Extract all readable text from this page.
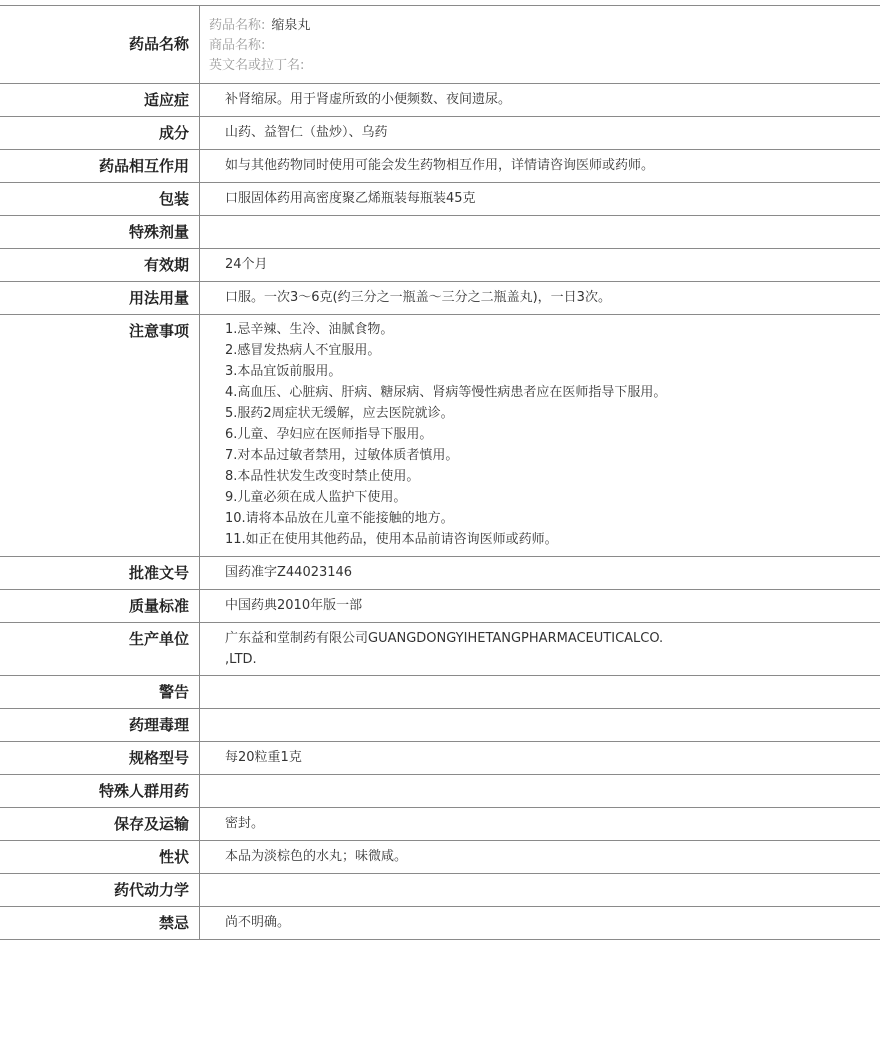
药品名称
药品名称: 缩泉丸
商品名称:
英文名或拉丁名:
适应症	补肾缩尿。用于肾虚所致的小便频数、夜间遗尿。
成分	山药、益智仁（盐炒）、乌药
药品相互作用	如与其他药物同时使用可能会发生药物相互作用，详情请咨询医师或药师。
包装	口服固体药用高密度聚乙烯瓶装每瓶装45克
特殊剂量
有效期	24个月
用法用量	口服。一次3～6克(约三分之一瓶盖～三分之二瓶盖丸)，一日3次。
注意事项	1.忌辛辣、生冷、油腻食物。
2.感冒发热病人不宜服用。
3.本品宜饭前服用。
4.高血压、心脏病、肝病、糖尿病、肾病等慢性病患者应在医师指导下服用。
5.服药2周症状无缓解，应去医院就诊。
6.儿童、孕妇应在医师指导下服用。
7.对本品过敏者禁用，过敏体质者慎用。
8.本品性状发生改变时禁止使用。
9.儿童必须在成人监护下使用。
10.请将本品放在儿童不能接触的地方。
11.如正在使用其他药品，使用本品前请咨询医师或药师。
批准文号	国药准字Z44023146
质量标准	中国药典2010年版一部
生产单位	广东益和堂制药有限公司GUANGDONGYIHETANGPHARMACEUTICALCO.
,LTD.
警告
药理毒理
规格型号	每20粒重1克
特殊人群用药
保存及运输	密封。
性状	本品为淡棕色的水丸；味微咸。
药代动力学
禁忌	尚不明确。
